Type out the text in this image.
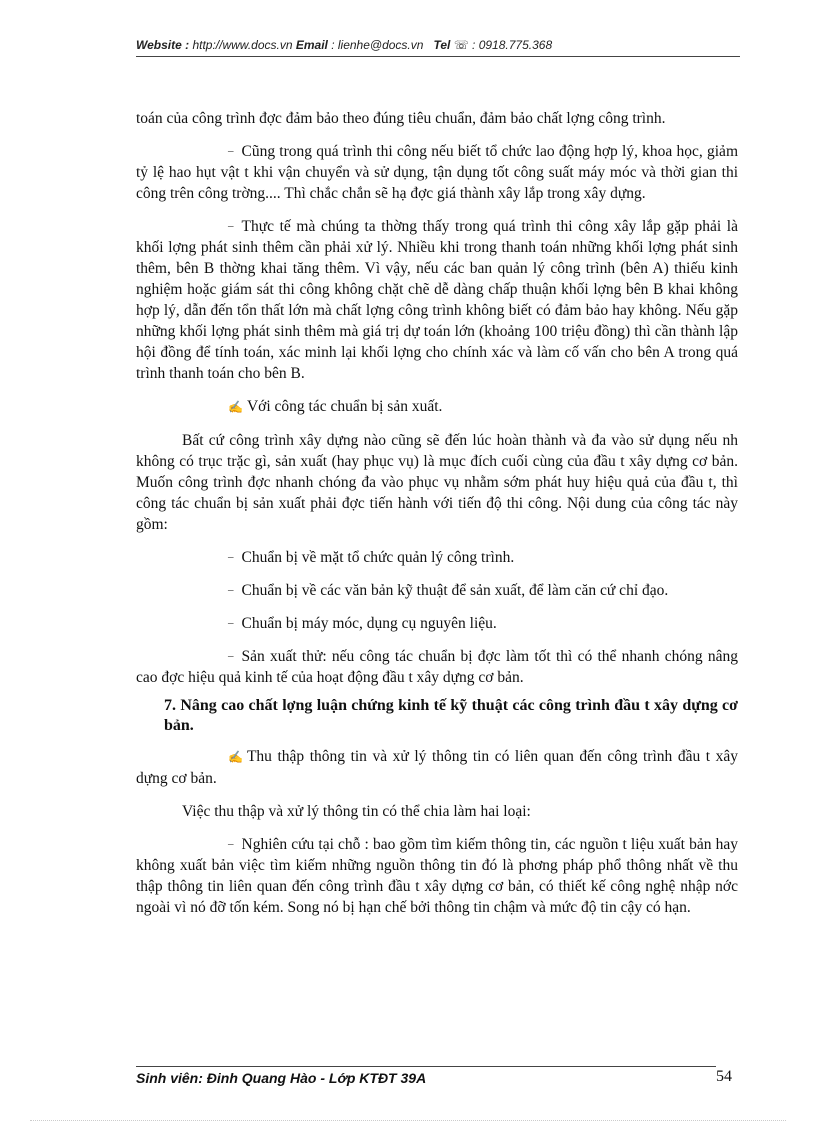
Website : http://www.docs.vn Email : lienhe@docs.vn   Tel ☏ : 0918.775.368

toán của công trình đợc đảm bảo theo đúng tiêu chuẩn, đảm bảo chất lợng công trình.

– Cũng trong quá trình thi công nếu biết tổ chức lao động hợp lý, khoa học, giảm tỷ lệ hao hụt vật t khi vận chuyển và sử dụng, tận dụng tốt công suất máy móc và thời gian thi công trên công trờng.... Thì chắc chắn sẽ hạ đợc giá thành xây lắp trong xây dựng.

– Thực tế mà chúng ta thờng thấy trong quá trình thi công xây lắp gặp phải là khối lợng phát sinh thêm cần phải xử lý. Nhiều khi trong thanh toán những khối lợng phát sinh thêm, bên B thờng khai tăng thêm. Vì vậy, nếu các ban quản lý công trình (bên A) thiếu kinh nghiệm hoặc giám sát thi công không chặt chẽ dễ dàng chấp thuận khối lợng bên B khai không hợp lý, dẫn đến tổn thất lớn mà chất lợng công trình không biết có đảm bảo hay không. Nếu gặp những khối lợng phát sinh thêm mà giá trị dự toán lớn (khoảng 100 triệu đồng) thì cần thành lập hội đồng để tính toán, xác minh lại khối lợng cho chính xác và làm cố vấn cho bên A trong quá trình thanh toán cho bên B.

✍ Với công tác chuẩn bị sản xuất.

Bất cứ công trình xây dựng nào cũng sẽ đến lúc hoàn thành và đa vào sử dụng nếu nh không có trục trặc gì, sản xuất (hay phục vụ) là mục đích cuối cùng của đầu t xây dựng cơ bản. Muốn công trình đợc nhanh chóng đa vào phục vụ nhằm sớm phát huy hiệu quả của đầu t, thì công tác chuẩn bị sản xuất phải đợc tiến hành với tiến độ thi công. Nội dung của công tác này gồm:

– Chuẩn bị về mặt tổ chức quản lý công trình.

– Chuẩn bị về các văn bản kỹ thuật để sản xuất, để làm căn cứ chỉ đạo.

– Chuẩn bị máy móc, dụng cụ nguyên liệu.

– Sản xuất thử: nếu công tác chuẩn bị đợc làm tốt thì có thể nhanh chóng nâng cao đợc hiệu quả kinh tế của hoạt động đầu t xây dựng cơ bản.

7. Nâng cao chất lợng luận chứng kinh tế kỹ thuật các công trình đầu t xây dựng cơ bản.

✍ Thu thập thông tin và xử lý thông tin có liên quan đến công trình đầu t xây dựng cơ bản.

Việc thu thập và xử lý thông tin có thể chia làm hai loại:

– Nghiên cứu tại chỗ : bao gồm tìm kiếm thông tin, các nguồn t liệu xuất bản hay không xuất bản việc tìm kiếm những nguồn thông tin đó là phơng pháp phổ thông nhất về thu thập thông tin liên quan đến công trình đầu t xây dựng cơ bản, có thiết kế công nghệ nhập nớc ngoài vì nó đỡ tốn kém. Song nó bị hạn chế bởi thông tin chậm và mức độ tin cậy có hạn.

Sinh viên: Đinh Quang Hào - Lớp KTĐT 39A	54
